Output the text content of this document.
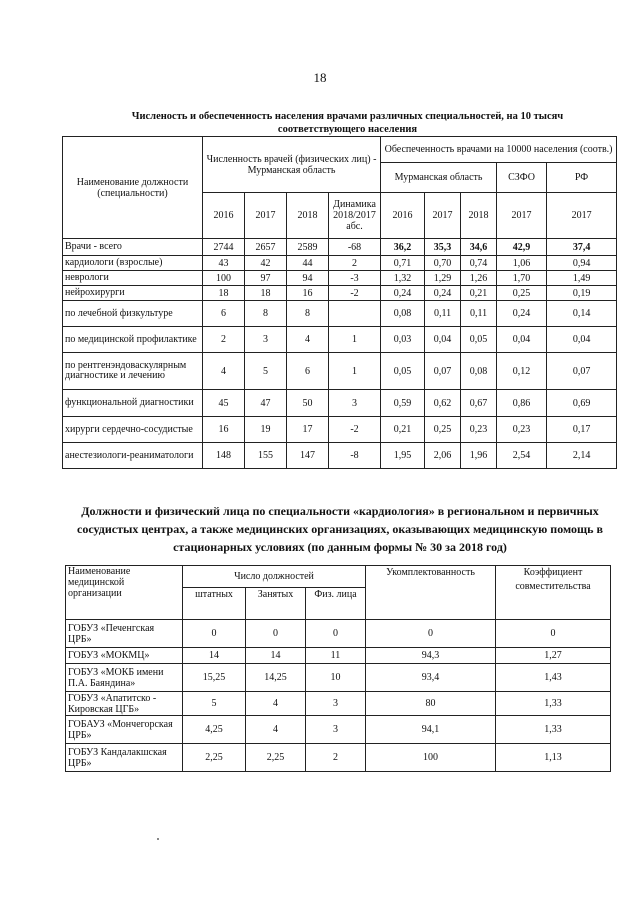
18
Численость и обеспеченность населения врачами различных специальностей, на 10 тысяч соответствующего населения
Наименование должности (специальности)	Численность врачей (физических лиц) - Мурманская область				Обеспеченность врачами на 10000 населения (соотв.)				
					Мурманская область			СЗФО	РФ
	2016	2017	2018	Динамика 2018/2017 абс.	2016	2017	2018	2017	2017
Врачи - всего	2744	2657	2589	-68	36,2	35,3	34,6	42,9	37,4
кардиологи (взрослые)	43	42	44	2	0,71	0,70	0,74	1,06	0,94
неврологи	100	97	94	-3	1,32	1,29	1,26	1,70	1,49
нейрохирурги	18	18	16	-2	0,24	0,24	0,21	0,25	0,19
по лечебной физкультуре	6	8	8		0,08	0,11	0,11	0,24	0,14
по медицинской профилактике	2	3	4	1	0,03	0,04	0,05	0,04	0,04
по рентгенэндоваскулярным диагностике и лечению	4	5	6	1	0,05	0,07	0,08	0,12	0,07
функциональной диагностики	45	47	50	3	0,59	0,62	0,67	0,86	0,69
хирурги сердечно-сосудистые	16	19	17	-2	0,21	0,25	0,23	0,23	0,17
анестезиологи-реаниматологи	148	155	147	-8	1,95	2,06	1,96	2,54	2,14
Должности и физический лица по специальности «кардиология» в региональном и первичных сосудистых центрах, а также медицинских организациях, оказывающих медицинскую помощь в стационарных условиях (по данным формы № 30 за 2018 год)
Наименование медицинской организации	Число должностей			Укомплектованность	Коэффициент совместительства
	штатных	Занятых	Физ. лица		
ГОБУЗ «Печенгская ЦРБ»	0	0	0	0	0
ГОБУЗ «МОКМЦ»	14	14	11	94,3	1,27
ГОБУЗ «МОКБ имени П.А. Баяндина»	15,25	14,25	10	93,4	1,43
ГОБУЗ «Апатитско - Кировская ЦГБ»	5	4	3	80	1,33
ГОБАУЗ «Мончегорская ЦРБ»	4,25	4	3	94,1	1,33
ГОБУЗ Кандалакшская ЦРБ»	2,25	2,25	2	100	1,13
